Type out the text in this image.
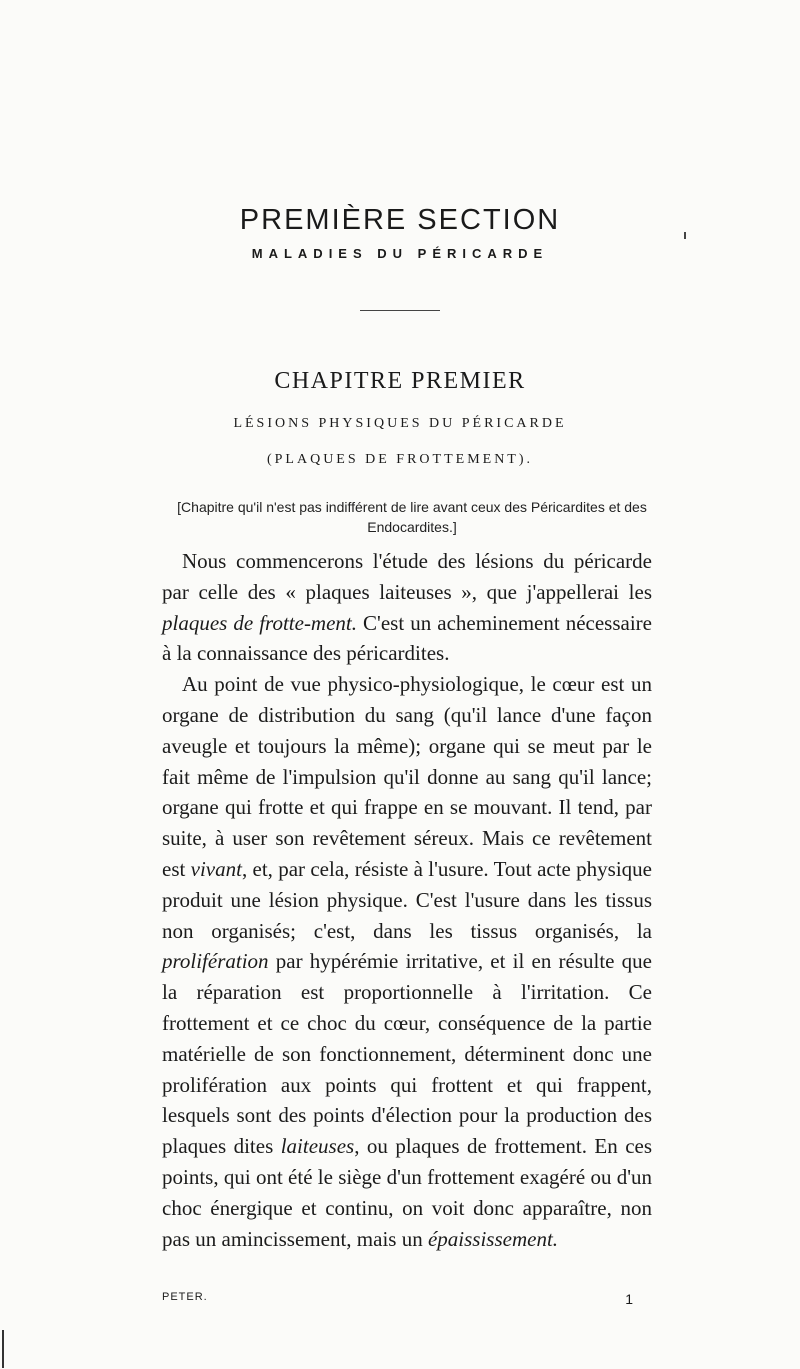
PREMIÈRE SECTION
MALADIES DU PÉRICARDE
CHAPITRE PREMIER
LÉSIONS PHYSIQUES DU PÉRICARDE
(PLAQUES DE FROTTEMENT).
[Chapitre qu'il n'est pas indifférent de lire avant ceux des Péricardites et des Endocardites.]

Nous commencerons l'étude des lésions du péricarde par celle des « plaques laiteuses », que j'appellerai les plaques de frotte-ment. C'est un acheminement nécessaire à la connaissance des péricardites.

Au point de vue physico-physiologique, le cœur est un organe de distribution du sang (qu'il lance d'une façon aveugle et toujours la même); organe qui se meut par le fait même de l'impulsion qu'il donne au sang qu'il lance; organe qui frotte et qui frappe en se mouvant. Il tend, par suite, à user son revêtement séreux. Mais ce revêtement est vivant, et, par cela, résiste à l'usure. Tout acte physique produit une lésion physique. C'est l'usure dans les tissus non organisés; c'est, dans les tissus organisés, la prolifération par hypérémie irritative, et il en résulte que la réparation est proportionnelle à l'irritation. Ce frottement et ce choc du cœur, conséquence de la partie matérielle de son fonctionnement, déterminent donc une prolifération aux points qui frottent et qui frappent, lesquels sont des points d'élection pour la production des plaques dites laiteuses, ou plaques de frottement. En ces points, qui ont été le siège d'un frottement exagéré ou d'un choc énergique et continu, on voit donc apparaître, non pas un amincissement, mais un épaississement.

PETER.	1
